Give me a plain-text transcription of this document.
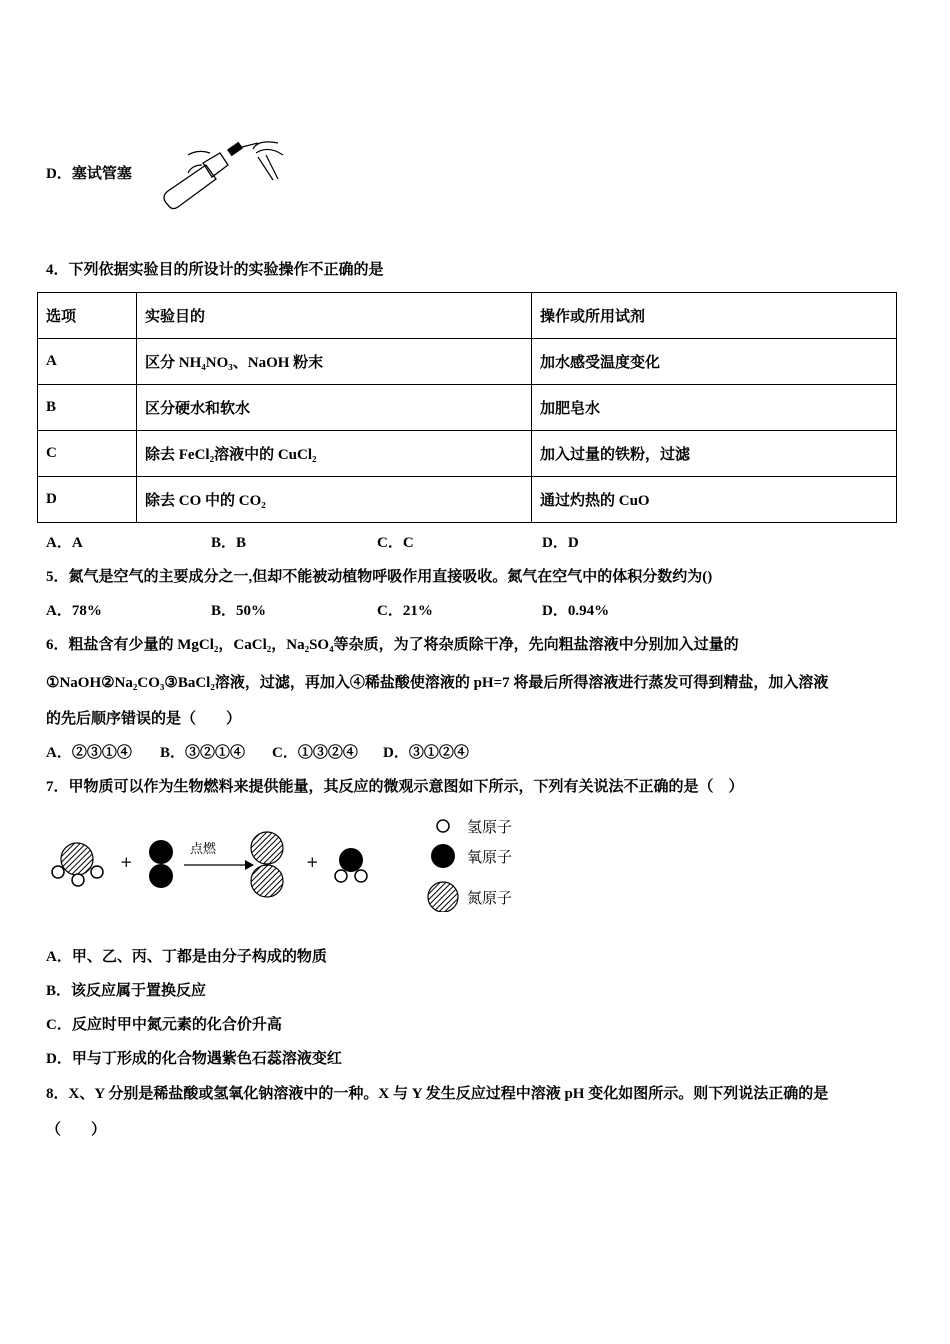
D．塞试管塞
4．下列依据实验目的所设计的实验操作不正确的是
选项	实验目的	操作或所用试剂
A	区分 NH₄NO₃、NaOH 粉末	加水感受温度变化
B	区分硬水和软水	加肥皂水
C	除去 FeCl₂溶液中的 CuCl₂	加入过量的铁粉，过滤
D	除去 CO 中的 CO₂	通过灼热的 CuO
A．A	B．B	C．C	D．D
5．氮气是空气的主要成分之一,但却不能被动植物呼吸作用直接吸收。氮气在空气中的体积分数约为()
A．78%	B．50%	C．21%	D．0.94%
6．粗盐含有少量的 MgCl₂，CaCl₂，Na₂SO₄等杂质，为了将杂质除干净，先向粗盐溶液中分别加入过量的
①NaOH②Na₂CO₃③BaCl₂溶液，过滤，再加入④稀盐酸使溶液的 pH=7 将最后所得溶液进行蒸发可得到精盐，加入溶液
的先后顺序错误的是（　　）
A．②③①④ B．③②①④ C．①③②④ D．③①②④
7．甲物质可以作为生物燃料来提供能量，其反应的微观示意图如下所示，下列有关说法不正确的是（　）
+	+
点燃
氢原子
氧原子
氮原子
A．甲、乙、丙、丁都是由分子构成的物质
B．该反应属于置换反应
C．反应时甲中氮元素的化合价升高
D．甲与丁形成的化合物遇紫色石蕊溶液变红
8．X、Y 分别是稀盐酸或氢氧化钠溶液中的一种。X 与 Y 发生反应过程中溶液 pH 变化如图所示。则下列说法正确的是
（　　）
